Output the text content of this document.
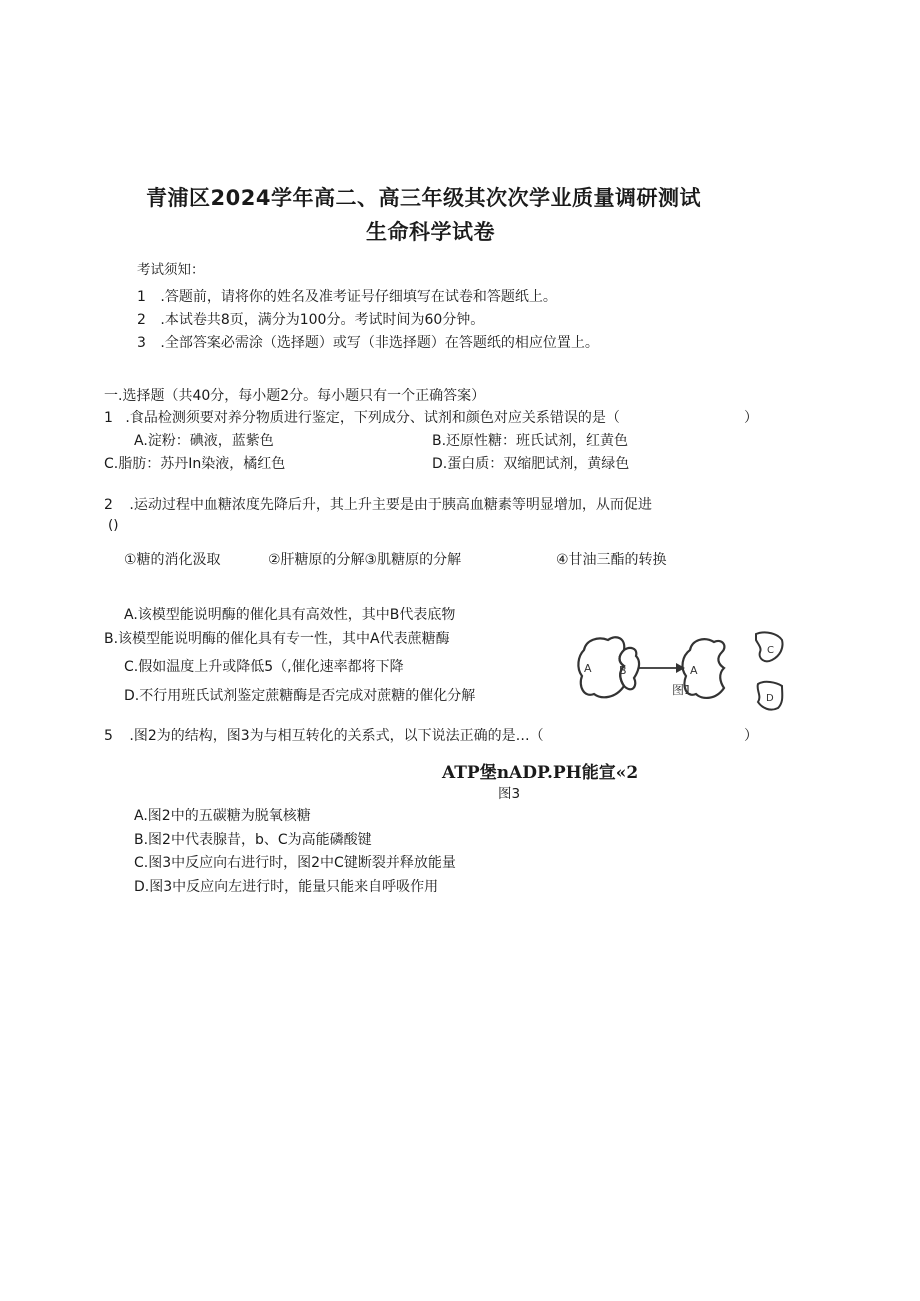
青浦区2024学年高二、高三年级其次次学业质量调研测试
生命科学试卷
考试须知：
1 .答题前，请将你的姓名及准考证号仔细填写在试卷和答题纸上。
2 .本试卷共8页，满分为100分。考试时间为60分钟。
3 .全部答案必需涂（选择题）或写（非选择题）在答题纸的相应位置上。
一.选择题（共40分，每小题2分。每小题只有一个正确答案）
1 .食品检测须要对养分物质进行鉴定，下列成分、试剂和颜色对应关系错误的是（	）
A.淀粉：碘液，蓝紫色	B.还原性糖：班氏试剂，红黄色
C.脂肪：苏丹In染液，橘红色	D.蛋白质：双缩肥试剂，黄绿色
2 .运动过程中血糖浓度先降后升，其上升主要是由于胰高血糖素等明显增加，从而促进
()
①糖的消化汲取	②肝糖原的分解③肌糖原的分解	④甘油三酯的转换
A.该模型能说明酶的催化具有高效性，其中B代表底物
B.该模型能说明酶的催化具有专一性，其中A代表蔗糖酶
C.假如温度上升或降低5（,催化速率都将下降
D.不行用班氏试剂鉴定蔗糖酶是否完成对蔗糖的催化分解
A B	A
图1
C
D
5 .图2为的结构，图3为与相互转化的关系式，以下说法正确的是…（	）
ATP堡nADP.PH能宣«2
图3
A.图2中的五碳糖为脱氧核糖
B.图2中代表腺昔，b、C为高能磷酸键
C.图3中反应向右进行时，图2中C键断裂并释放能量
D.图3中反应向左进行时，能量只能来自呼吸作用
